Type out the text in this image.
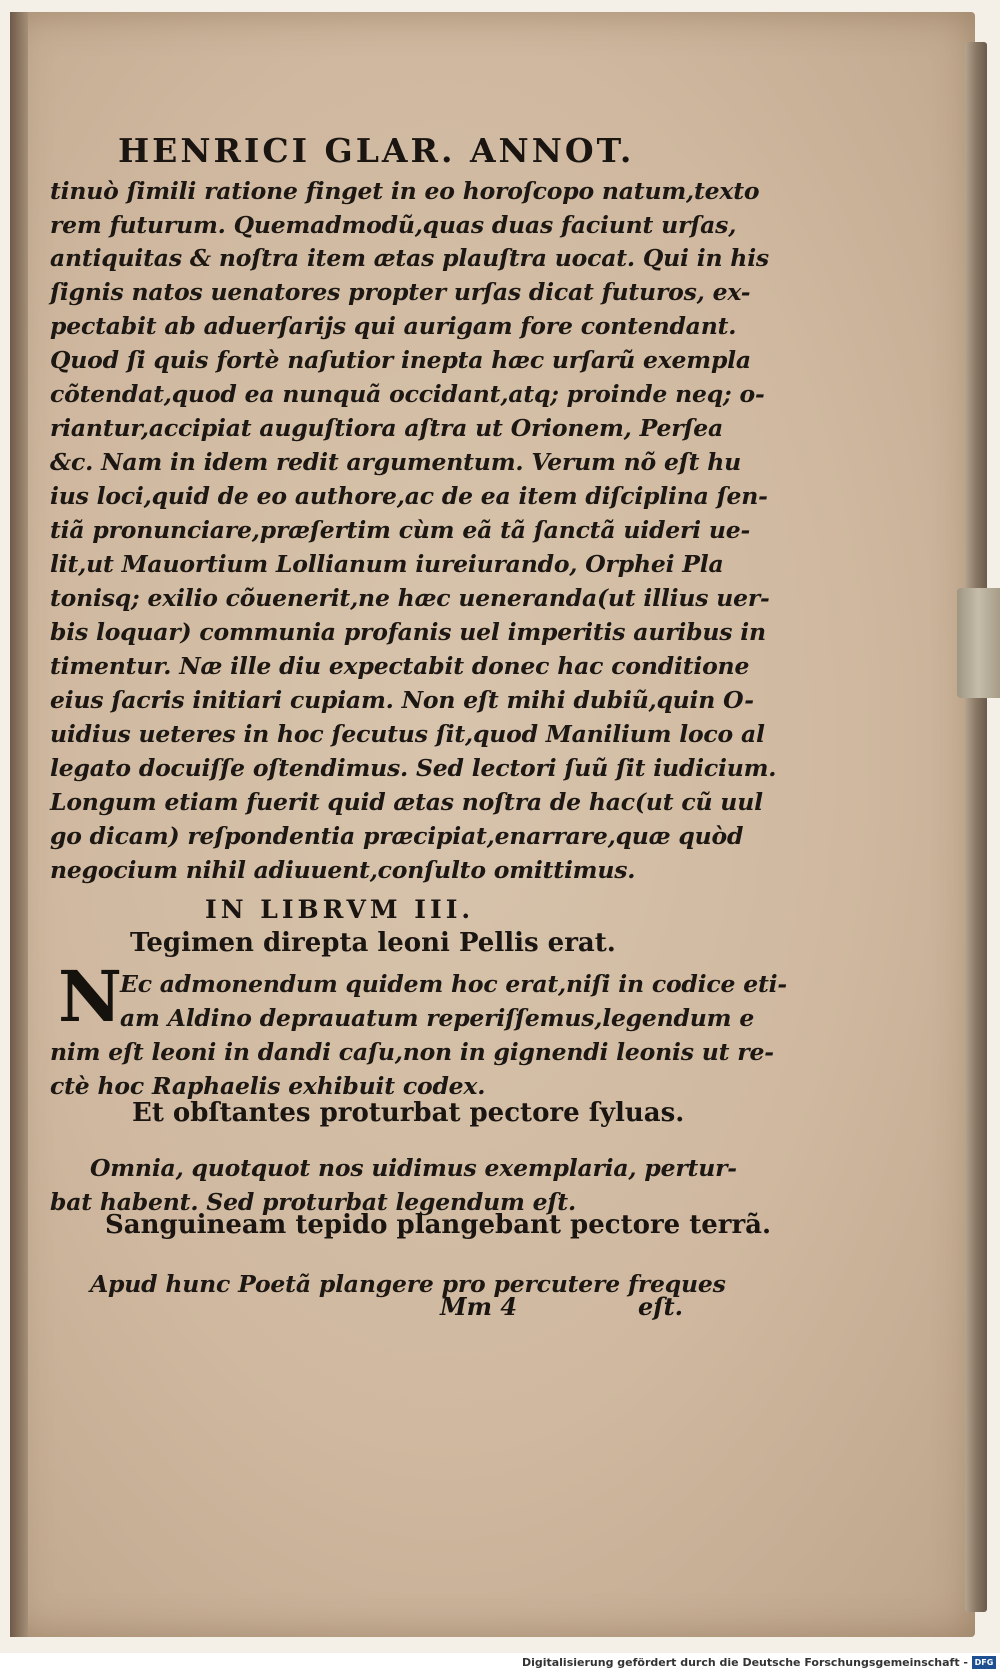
HENRICI GLAR. ANNOT.
tinuò ſimili ratione finget in eo horoſcopo natum,texto
rem futurum. Quemadmodũ,quas duas faciunt urſas,
antiquitas & noſtra item ætas plauſtra uocat. Qui in his
ſignis natos uenatores propter urſas dicat futuros, ex-
pectabit ab aduerſarijs qui aurigam fore contendant.
Quod ſi quis fortè naſutior inepta hæc urſarũ exempla
cõtendat,quod ea nunquã occidant,atq; proinde neq; o-
riantur,accipiat auguſtiora aſtra ut Orionem, Perſea
&c. Nam in idem redit argumentum. Verum nõ eſt hu
ius loci,quid de eo authore,ac de ea item diſciplina ſen-
tiã pronunciare,præſertim cùm eã tã ſanctã uideri ue-
lit,ut Mauortium Lollianum iureiurando, Orphei Pla
tonisq; exilio cõuenerit,ne hæc ueneranda(ut illius uer-
bis loquar) communia profanis uel imperitis auribus in
timentur. Næ ille diu expectabit donec hac conditione
eius ſacris initiari cupiam. Non eſt mihi dubiũ,quin O-
uidius ueteres in hoc ſecutus ſit,quod Manilium loco al
legato docuiſſe oſtendimus. Sed lectori ſuũ ſit iudicium.
Longum etiam fuerit quid ætas noſtra de hac(ut cũ uul
go dicam) reſpondentia præcipiat,enarrare,quæ quòd
negocium nihil adiuuent,conſulto omittimus.
Ec admonendum quidem hoc erat,niſi in codice eti-
am Aldino deprauatum reperiſſemus,legendum e
nim eſt leoni in dandi caſu,non in gignendi leonis ut re-
ctè hoc Raphaelis exhibuit codex.
Omnia, quotquot nos uidimus exemplaria, pertur-
bat habent. Sed proturbat legendum eſt.
Apud hunc Poetã plangere pro percutere freques
IN LIBRVM III.
Tegimen direpta leoni Pellis erat.
N
Et obſtantes proturbat pectore ſyluas.
Sanguineam tepido plangebant pectore terrã.
Mm 4	eſt.
Digitalisierung gefördert durch die Deutsche Forschungsgemeinschaft - DFG
